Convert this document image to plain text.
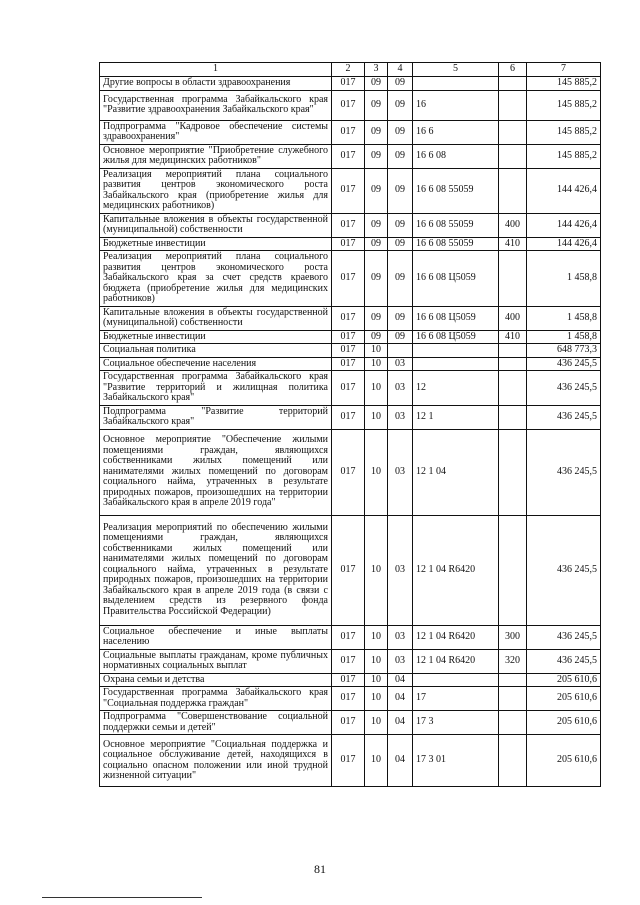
1	2	3	4	5	6	7
Другие вопросы в области здравоохранения	017	09	09			145 885,2
Государственная программа Забайкальского края "Развитие здравоохранения Забайкальского края"	017	09	09	16		145 885,2
Подпрограмма "Кадровое обеспечение системы здравоохранения"	017	09	09	16 6		145 885,2
Основное мероприятие "Приобретение служебного жилья для медицинских работников"	017	09	09	16 6 08		145 885,2
Реализация мероприятий плана социального развития центров экономического роста Забайкальского края (приобретение жилья для медицинских работников)	017	09	09	16 6 08 55059		144 426,4
Капитальные вложения в объекты государственной (муниципальной) собственности	017	09	09	16 6 08 55059	400	144 426,4
Бюджетные инвестиции	017	09	09	16 6 08 55059	410	144 426,4
Реализация мероприятий плана социального развития центров экономического роста Забайкальского края за счет средств краевого бюджета (приобретение жилья для медицинских работников)	017	09	09	16 6 08 Ц5059		1 458,8
Капитальные вложения в объекты государственной (муниципальной) собственности	017	09	09	16 6 08 Ц5059	400	1 458,8
Бюджетные инвестиции	017	09	09	16 6 08 Ц5059	410	1 458,8
Социальная политика	017	10				648 773,3
Социальное обеспечение населения	017	10	03			436 245,5
Государственная программа Забайкальского края "Развитие территорий и жилищная политика Забайкальского края"	017	10	03	12		436 245,5
Подпрограмма "Развитие территорий Забайкальского края"	017	10	03	12 1		436 245,5
Основное мероприятие "Обеспечение жилыми помещениями граждан, являющихся собственниками жилых помещений или нанимателями жилых помещений по договорам социального найма, утраченных в результате природных пожаров, произошедших на территории Забайкальского края в апреле 2019 года"	017	10	03	12 1 04		436 245,5
Реализация мероприятий по обеспечению жилыми помещениями граждан, являющихся собственниками жилых помещений или нанимателями жилых помещений по договорам социального найма, утраченных в результате природных пожаров, произошедших на территории Забайкальского края в апреле 2019 года (в связи с выделением средств из резервного фонда Правительства Российской Федерации)	017	10	03	12 1 04 R6420		436 245,5
Социальное обеспечение и иные выплаты населению	017	10	03	12 1 04 R6420	300	436 245,5
Социальные выплаты гражданам, кроме публичных нормативных социальных выплат	017	10	03	12 1 04 R6420	320	436 245,5
Охрана семьи и детства	017	10	04			205 610,6
Государственная программа Забайкальского края "Социальная поддержка граждан"	017	10	04	17		205 610,6
Подпрограмма "Совершенствование социальной поддержки семьи и детей"	017	10	04	17 3		205 610,6
Основное мероприятие "Социальная поддержка и социальное обслуживание детей, находящихся в социально опасном положении или иной трудной жизненной ситуации"	017	10	04	17 3 01		205 610,6
81
